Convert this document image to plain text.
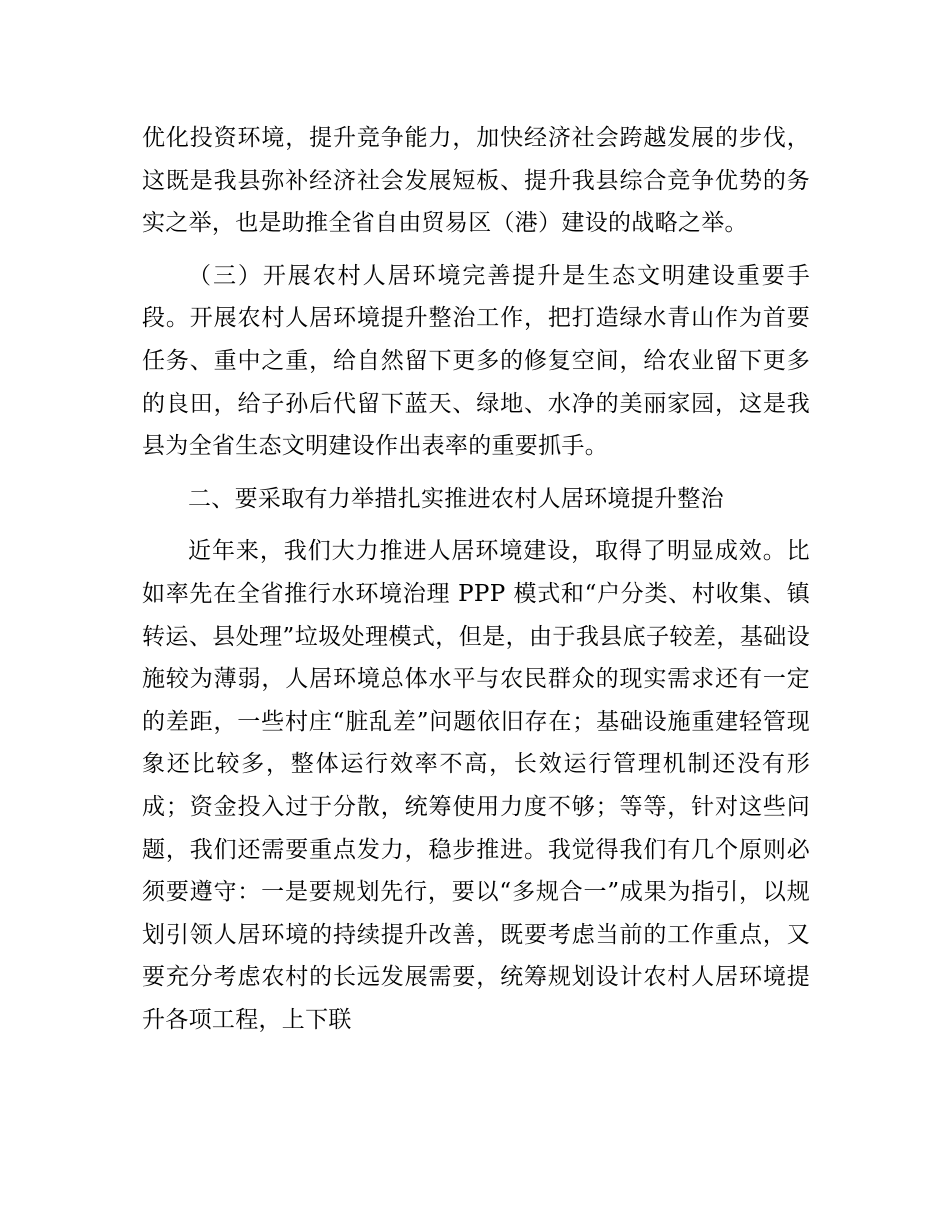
优化投资环境，提升竞争能力，加快经济社会跨越发展的步伐，这既是我县弥补经济社会发展短板、提升我县综合竞争优势的务实之举，也是助推全省自由贸易区（港）建设的战略之举。

（三）开展农村人居环境完善提升是生态文明建设重要手段。开展农村人居环境提升整治工作，把打造绿水青山作为首要任务、重中之重，给自然留下更多的修复空间，给农业留下更多的良田，给子孙后代留下蓝天、绿地、水净的美丽家园，这是我县为全省生态文明建设作出表率的重要抓手。

二、要采取有力举措扎实推进农村人居环境提升整治

近年来，我们大力推进人居环境建设，取得了明显成效。比如率先在全省推行水环境治理 PPP 模式和“户分类、村收集、镇转运、县处理”垃圾处理模式，但是，由于我县底子较差，基础设施较为薄弱，人居环境总体水平与农民群众的现实需求还有一定的差距，一些村庄“脏乱差”问题依旧存在；基础设施重建轻管现象还比较多，整体运行效率不高，长效运行管理机制还没有形成；资金投入过于分散，统筹使用力度不够；等等，针对这些问题，我们还需要重点发力，稳步推进。我觉得我们有几个原则必须要遵守：一是要规划先行，要以“多规合一”成果为指引，以规划引领人居环境的持续提升改善，既要考虑当前的工作重点，又要充分考虑农村的长远发展需要，统筹规划设计农村人居环境提升各项工程，上下联
